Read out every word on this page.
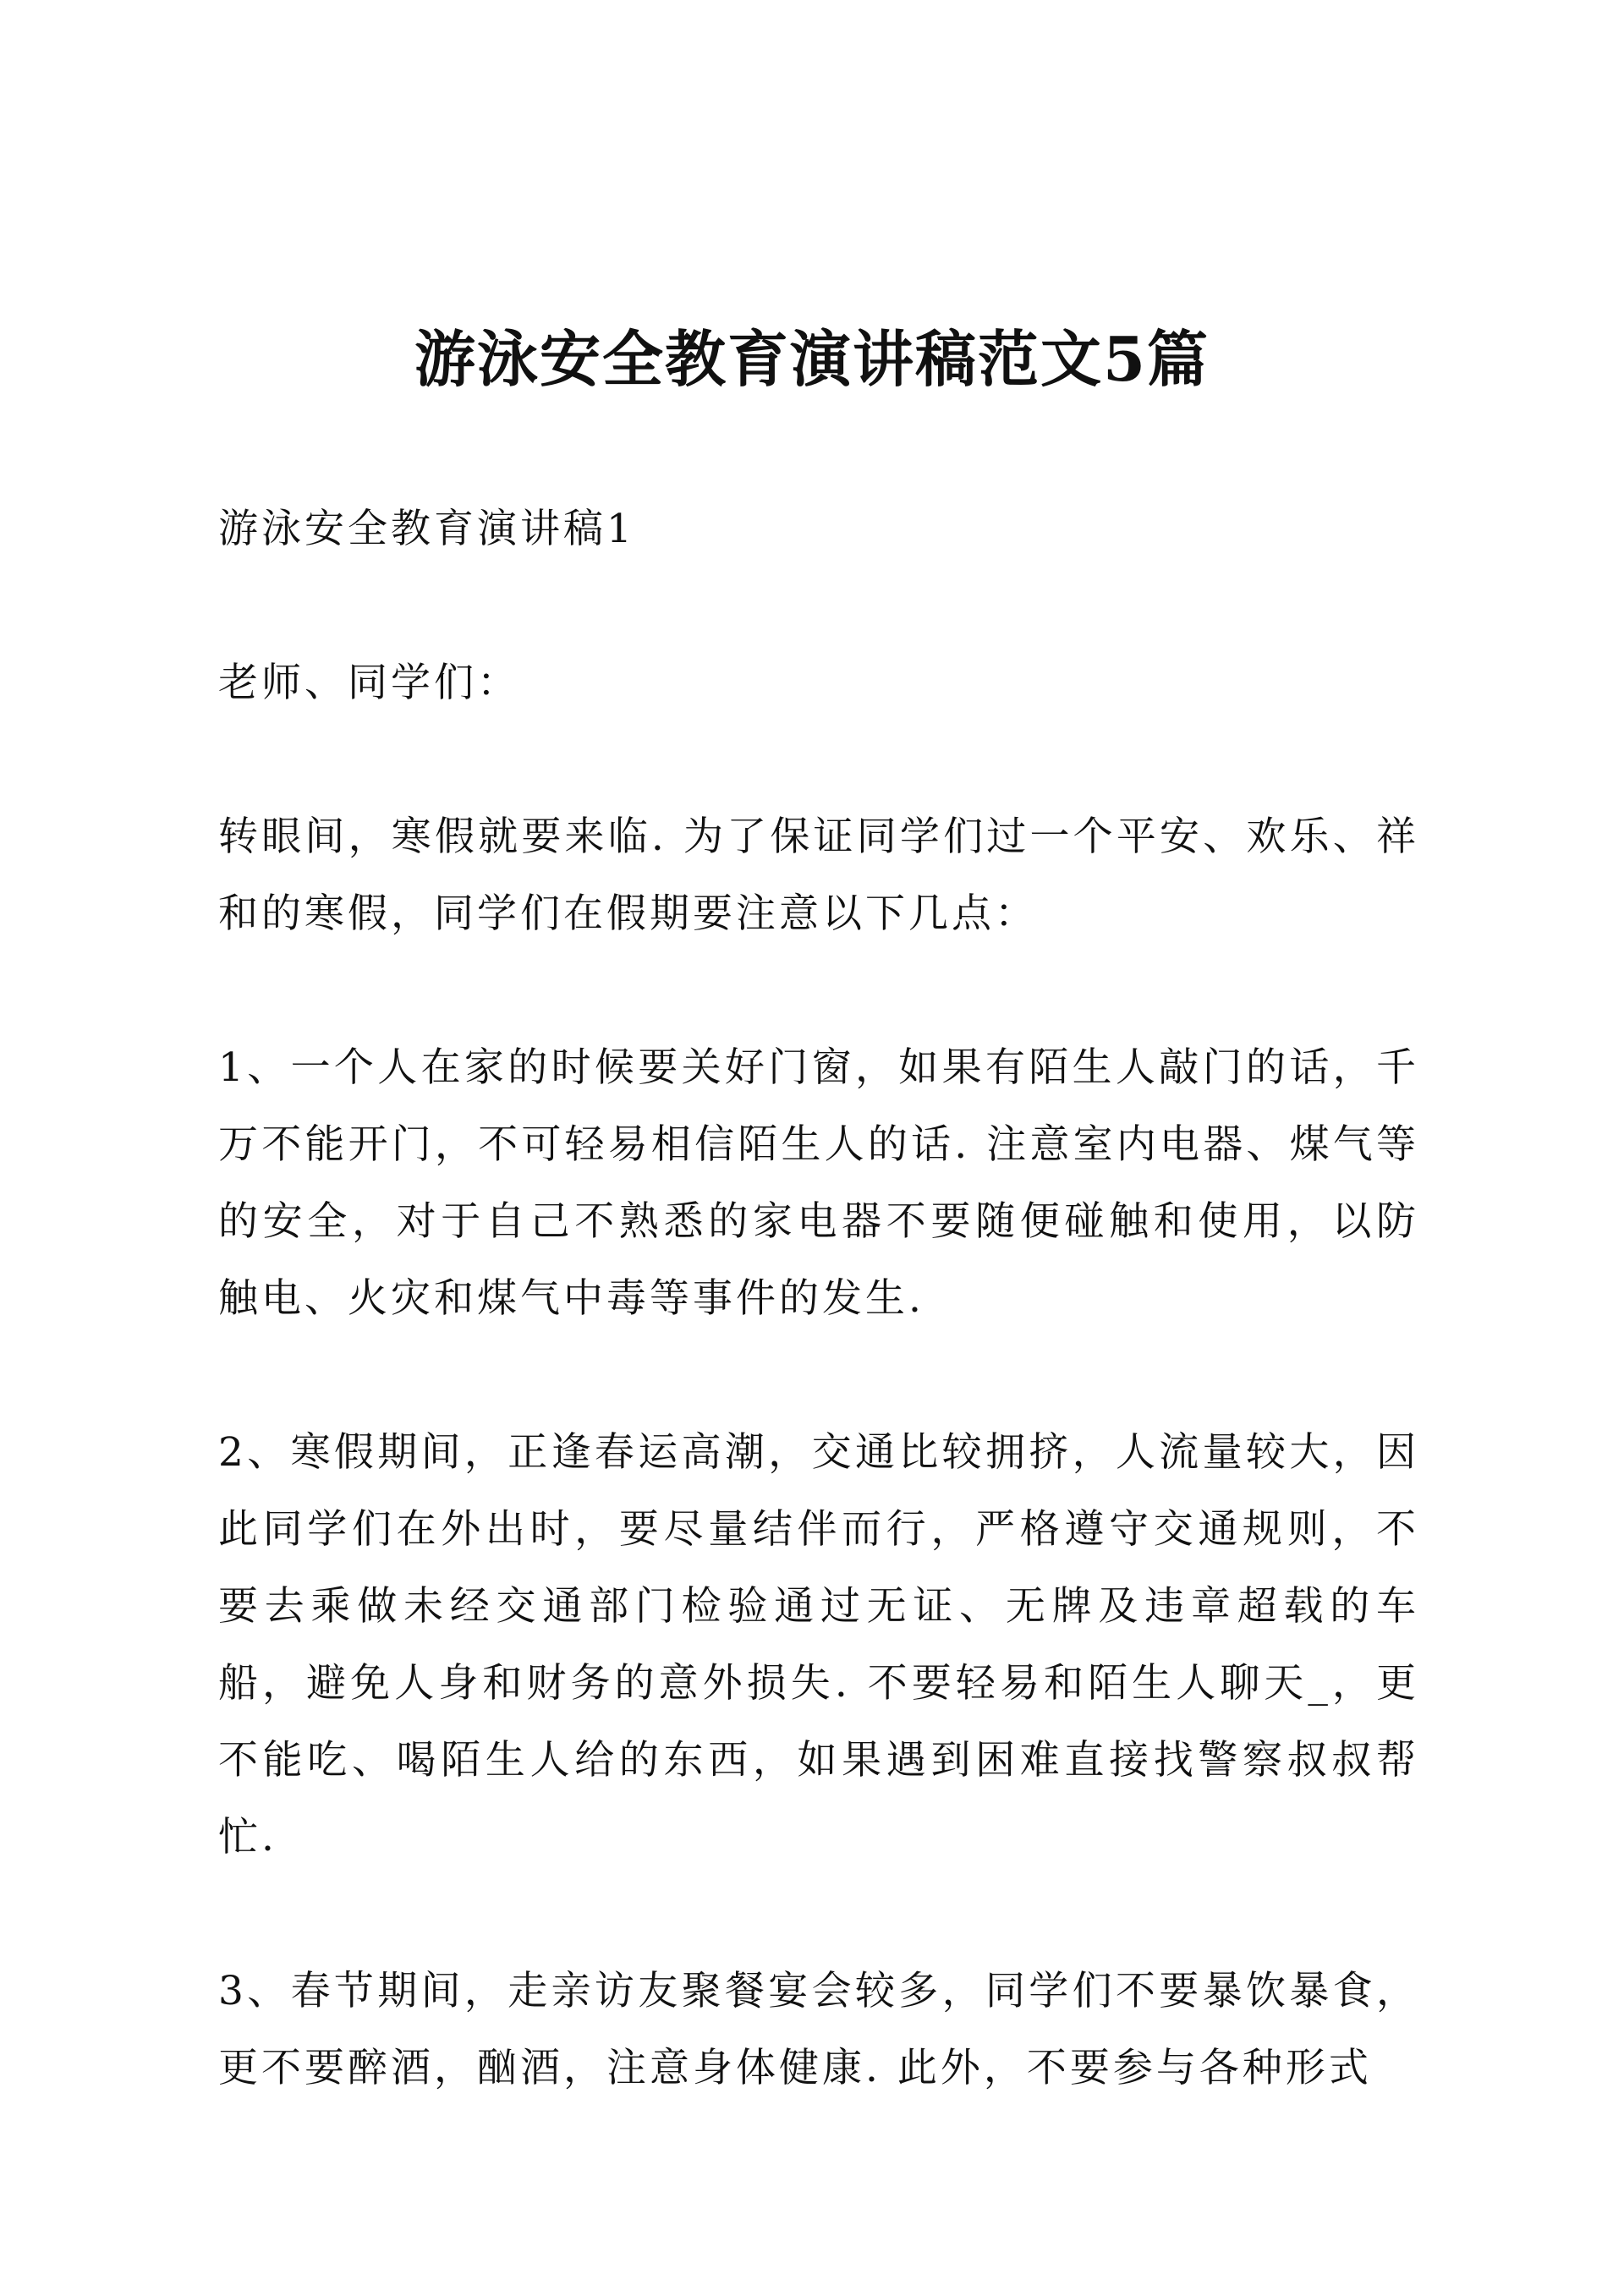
游泳安全教育演讲稿范文5篇

游泳安全教育演讲稿1

老师、同学们：

转眼间，寒假就要来临. 为了保证同学们过一个平安、欢乐、祥和的寒假，同学们在假期要注意以下几点：

1、一个人在家的时候要关好门窗，如果有陌生人敲门的话，千万不能开门，不可轻易相信陌生人的话. 注意室内电器、煤气等的安全，对于自己不熟悉的家电器不要随便碰触和使用，以防触电、火灾和煤气中毒等事件的发生.

2、寒假期间，正逢春运高潮，交通比较拥挤，人流量较大，因此同学们在外出时，要尽量结伴而行，严格遵守交通规则，不要去乘做未经交通部门检验通过无证、无牌及违章超载的车船，避免人身和财务的意外损失. 不要轻易和陌生人聊天_，更不能吃、喝陌生人给的东西，如果遇到困难直接找警察叔叔帮忙.

3、春节期间，走亲访友聚餐宴会较多，同学们不要暴饮暴食，更不要醉酒，酗酒，注意身体健康. 此外，不要参与各种形式
